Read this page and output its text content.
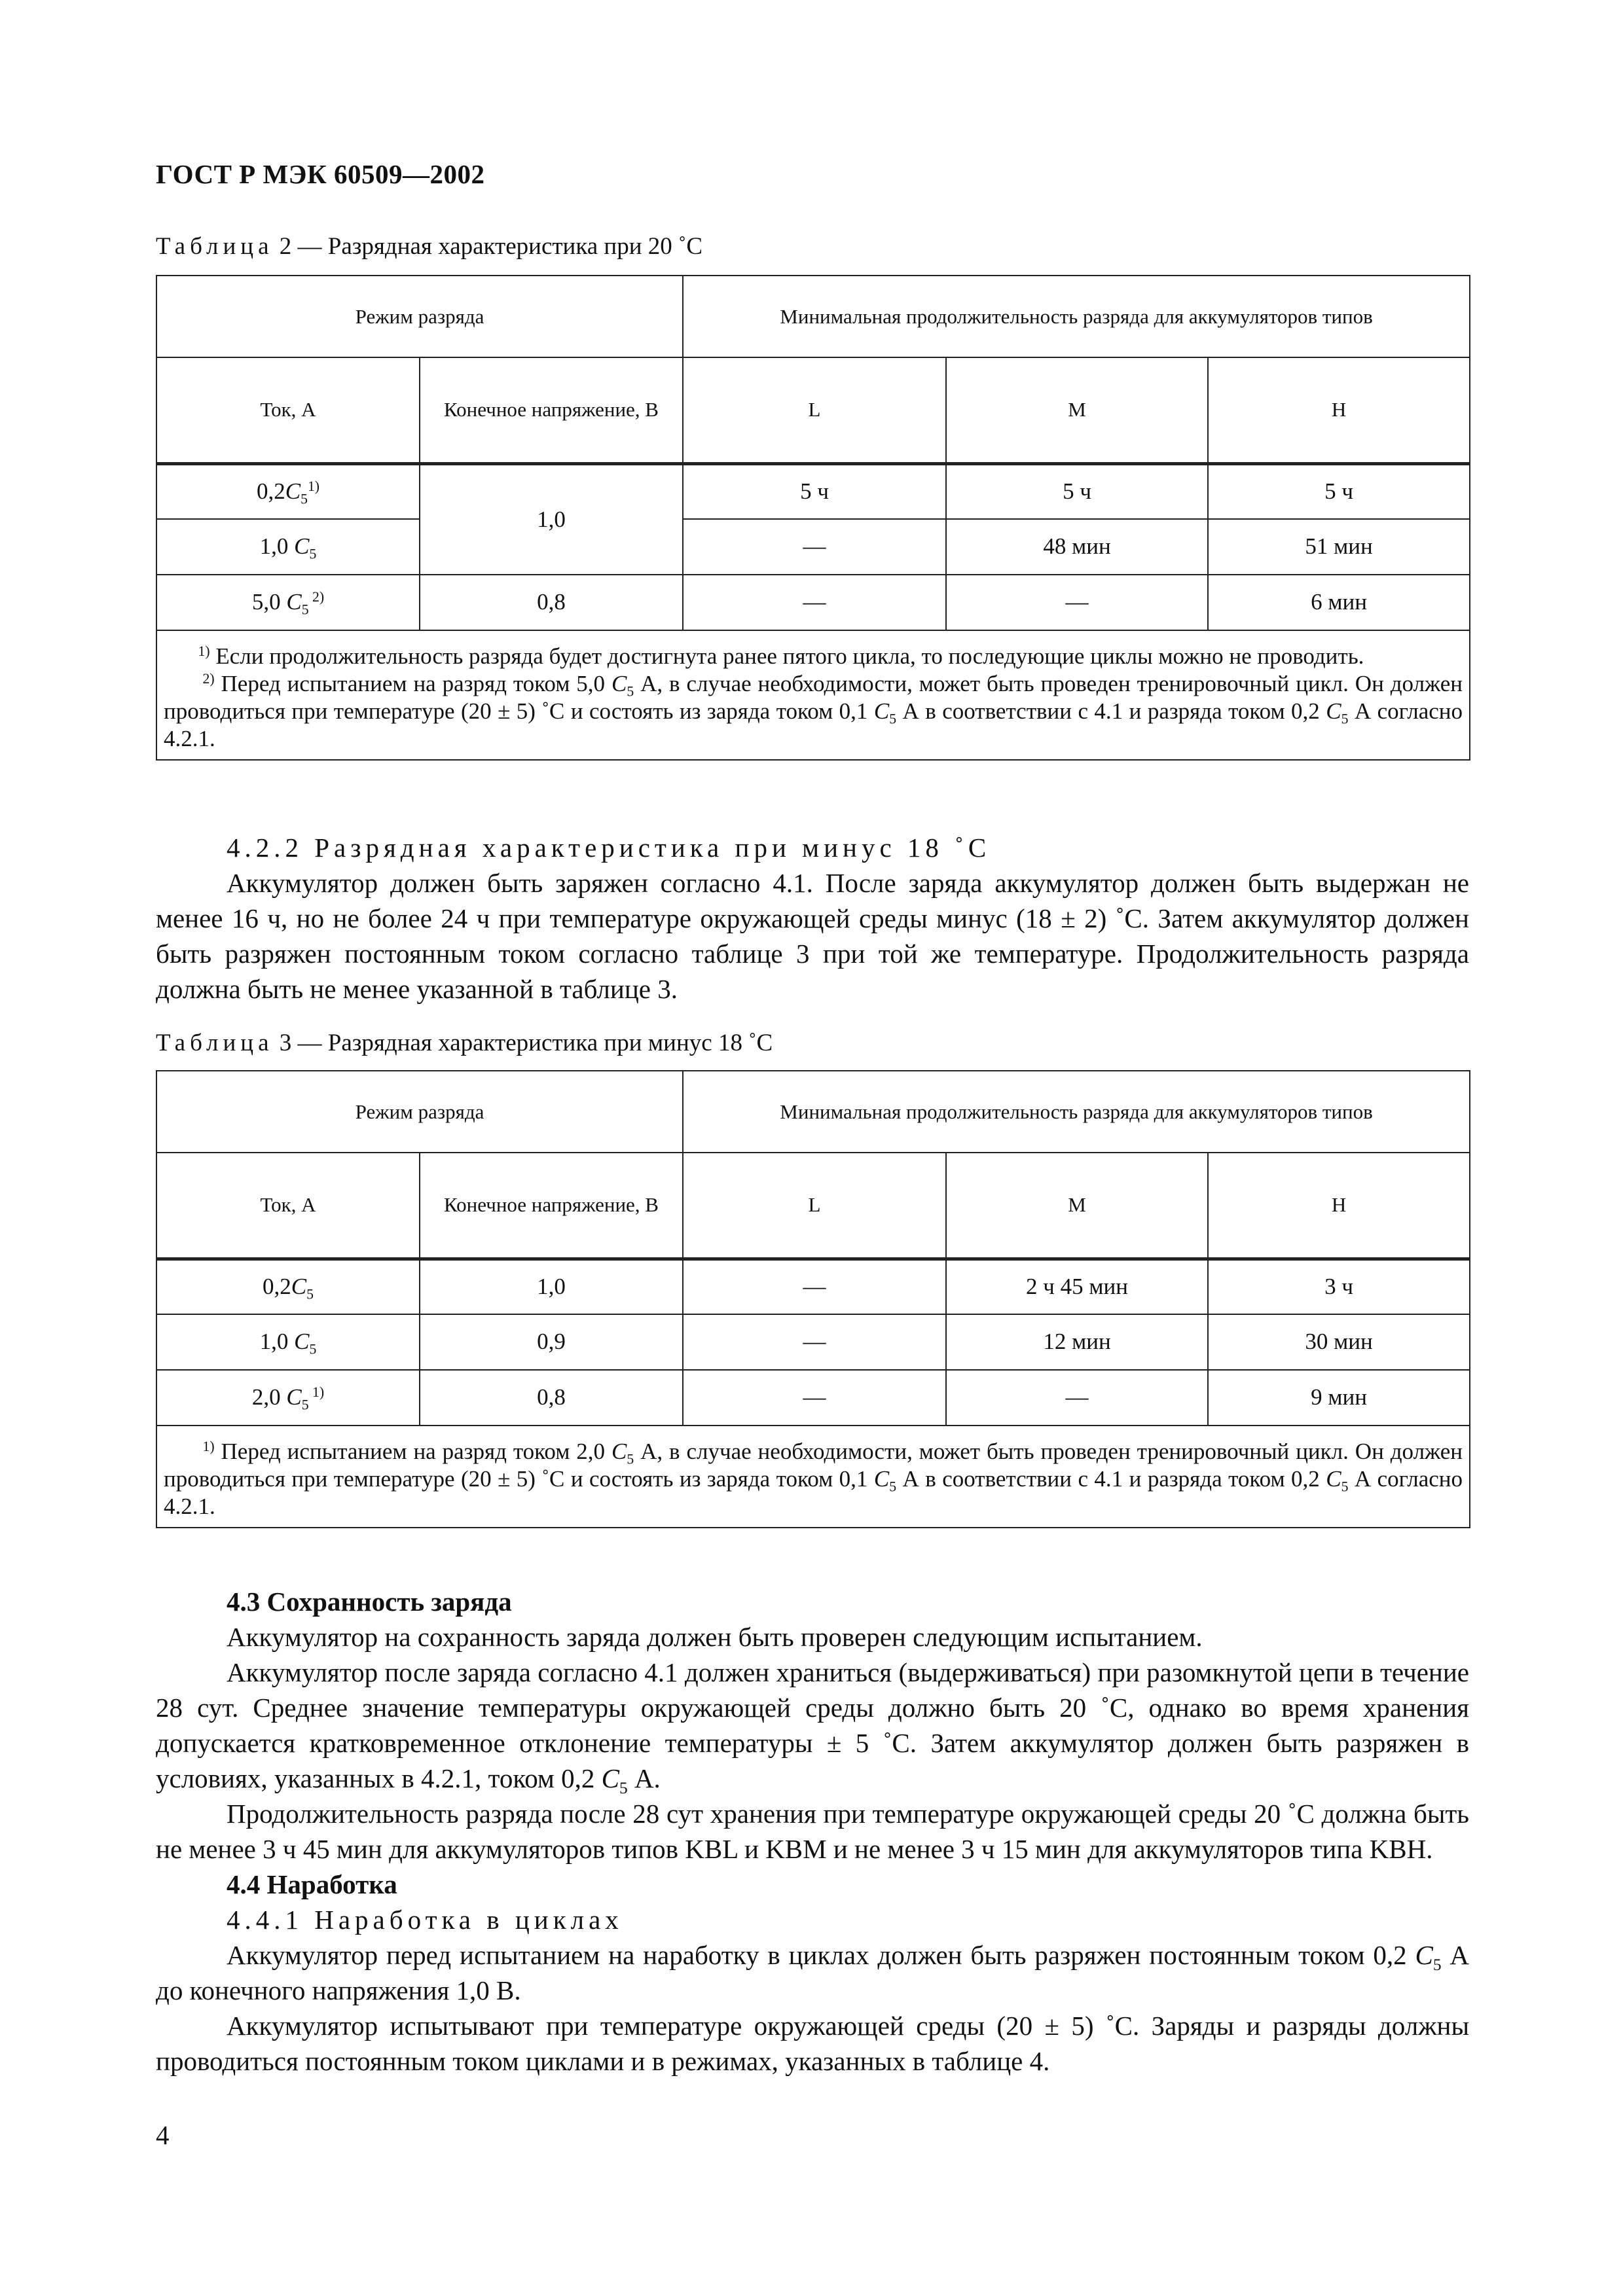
ГОСТ Р МЭК 60509—2002
Таблица 2 — Разрядная характеристика при 20 ˚С
Режим разряда		Минимальная продолжительность разряда для аккумуляторов типов		
Ток, А	Конечное напряжение, В	L	M	H
$0,2C_5^{1)}$	1,0	5 ч	5 ч	5 ч
1,0 $C_5$		—	48 мин	51 мин
5,0 $C_5$ $^{2)}$	0,8	—	—	6 мин

$^{1)}$ Если продолжительность разряда будет достигнута ранее пятого цикла, то последующие циклы можно не проводить.

$^{2)}$ Перед испытанием на разряд током 5,0 $C_5$ А, в случае необходимости, может быть проведен тренировочный цикл. Он должен проводиться при температуре (20 ± 5) ˚С и состоять из заряда током 0,1 $C_5$ А в соответствии с 4.1 и разряда током 0,2 $C_5$ А согласно 4.2.1.				

4.2.2 Разрядная характеристика при минус 18 ˚С

Аккумулятор должен быть заряжен согласно 4.1. После заряда аккумулятор должен быть выдержан не менее 16 ч, но не более 24 ч при температуре окружающей среды минус (18 ± 2) ˚С. Затем аккумулятор должен быть разряжен постоянным током согласно таблице 3 при той же температуре. Продолжительность разряда должна быть не менее указанной в таблице 3.

Таблица 3 — Разрядная характеристика при минус 18 ˚С
Режим разряда		Минимальная продолжительность разряда для аккумуляторов типов		
Ток, А	Конечное напряжение, В	L	M	H
$0,2C_5$	1,0	—	2 ч 45 мин	3 ч
1,0 $C_5$	0,9	—	12 мин	30 мин
2,0 $C_5$ $^{1)}$	0,8	—	—	9 мин

$^{1)}$ Перед испытанием на разряд током 2,0 $C_5$ А, в случае необходимости, может быть проведен тренировочный цикл. Он должен проводиться при температуре (20 ± 5) ˚С и состоять из заряда током 0,1 $C_5$ А в соответствии с 4.1 и разряда током 0,2 $C_5$ А согласно 4.2.1.				

4.3 Сохранность заряда

Аккумулятор на сохранность заряда должен быть проверен следующим испытанием.

Аккумулятор после заряда согласно 4.1 должен храниться (выдерживаться) при разомкнутой цепи в течение 28 сут. Среднее значение температуры окружающей среды должно быть 20 ˚С, однако во время хранения допускается кратковременное отклонение температуры ± 5 ˚С. Затем аккумулятор должен быть разряжен в условиях, указанных в 4.2.1, током 0,2 $C_5$ А.

Продолжительность разряда после 28 сут хранения при температуре окружающей среды 20 ˚С должна быть не менее 3 ч 45 мин для аккумуляторов типов KBL и KBM и не менее 3 ч 15 мин для аккумуляторов типа KBH.

4.4 Наработка

4.4.1 Наработка в циклах

Аккумулятор перед испытанием на наработку в циклах должен быть разряжен постоянным током 0,2 $C_5$ А до конечного напряжения 1,0 В.

Аккумулятор испытывают при температуре окружающей среды (20 ± 5) ˚С. Заряды и разряды должны проводиться постоянным током циклами и в режимах, указанных в таблице 4.

4
